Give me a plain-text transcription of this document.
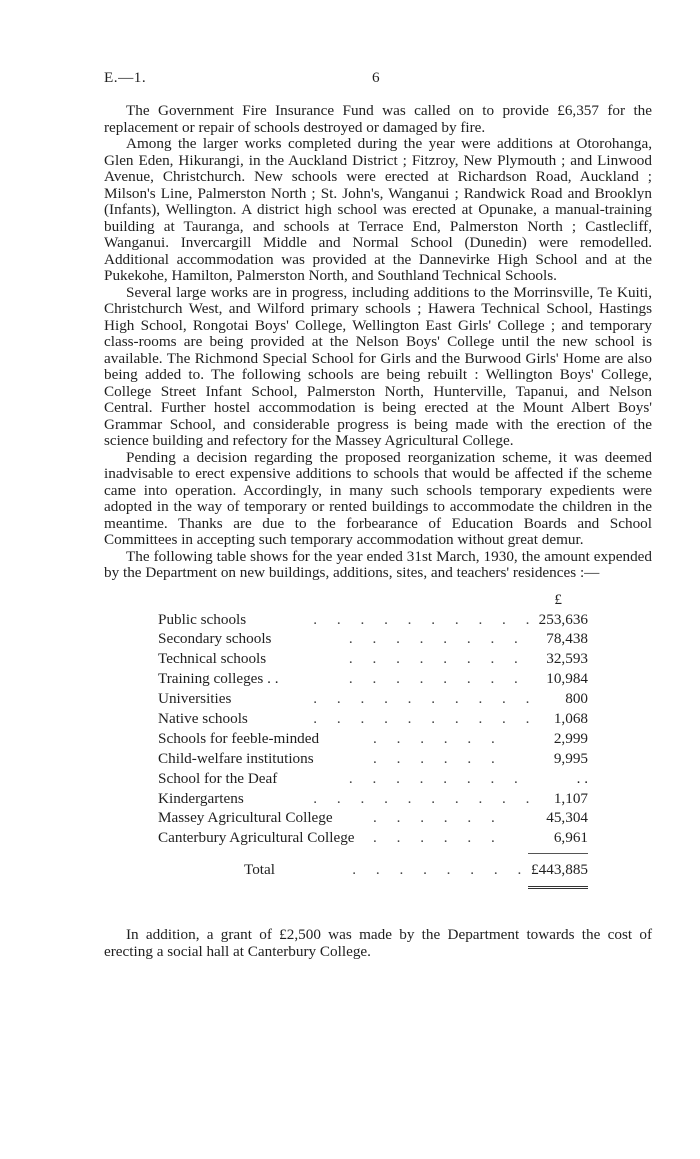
E.—1.	6

The Government Fire Insurance Fund was called on to provide £6,357 for the replacement or repair of schools destroyed or damaged by fire.

Among the larger works completed during the year were additions at Otorohanga, Glen Eden, Hikurangi, in the Auckland District ; Fitzroy, New Plymouth ; and Linwood Avenue, Christchurch. New schools were erected at Richardson Road, Auckland ; Milson's Line, Palmerston North ; St. John's, Wanganui ; Randwick Road and Brooklyn (Infants), Wellington. A district high school was erected at Opunake, a manual-training building at Tauranga, and schools at Terrace End, Palmerston North ; Castlecliff, Wanganui. Invercargill Middle and Normal School (Dunedin) were remodelled. Additional accommodation was provided at the Dannevirke High School and at the Pukekohe, Hamilton, Palmerston North, and Southland Technical Schools.

Several large works are in progress, including additions to the Morrinsville, Te Kuiti, Christchurch West, and Wilford primary schools ; Hawera Technical School, Hastings High School, Rongotai Boys' College, Wellington East Girls' College ; and temporary class-rooms are being provided at the Nelson Boys' College until the new school is available. The Richmond Special School for Girls and the Burwood Girls' Home are also being added to. The following schools are being rebuilt : Wellington Boys' College, College Street Infant School, Palmerston North, Hunterville, Tapanui, and Nelson Central. Further hostel accommodation is being erected at the Mount Albert Boys' Grammar School, and considerable progress is being made with the erection of the science building and refectory for the Massey Agricultural College.

Pending a decision regarding the proposed reorganization scheme, it was deemed inadvisable to erect expensive additions to schools that would be affected if the scheme came into operation. Accordingly, in many such schools temporary expedients were adopted in the way of temporary or rented buildings to accommodate the children in the meantime. Thanks are due to the forbearance of Education Boards and School Committees in accepting such temporary accommodation without great demur.

The following table shows for the year ended 31st March, 1930, the amount expended by the Department on new buildings, additions, sites, and teachers' residences :—

£
Public schools	. . . . . . . . . . 253,636
Secondary schools	. . . . . . . .	78,438
Technical schools	. . . . . . . .	32,593
Training colleges . .	. . . . . . . .	10,984
Universities	. . . . . . . . . .	800
Native schools	. . . . . . . . . .	1,068
Schools for feeble-minded	. . . . . .	2,999
Child-welfare institutions	. . . . . .	9,995
School for the Deaf	. . . . . . . .	. .
Kindergartens	. . . . . . . . . .	1,107
Massey Agricultural College	. . . . . .	45,304
Canterbury Agricultural College	. . . . . .	6,961
Total	. . . . . . . . £443,885

In addition, a grant of £2,500 was made by the Department towards the cost of erecting a social hall at Canterbury College.
